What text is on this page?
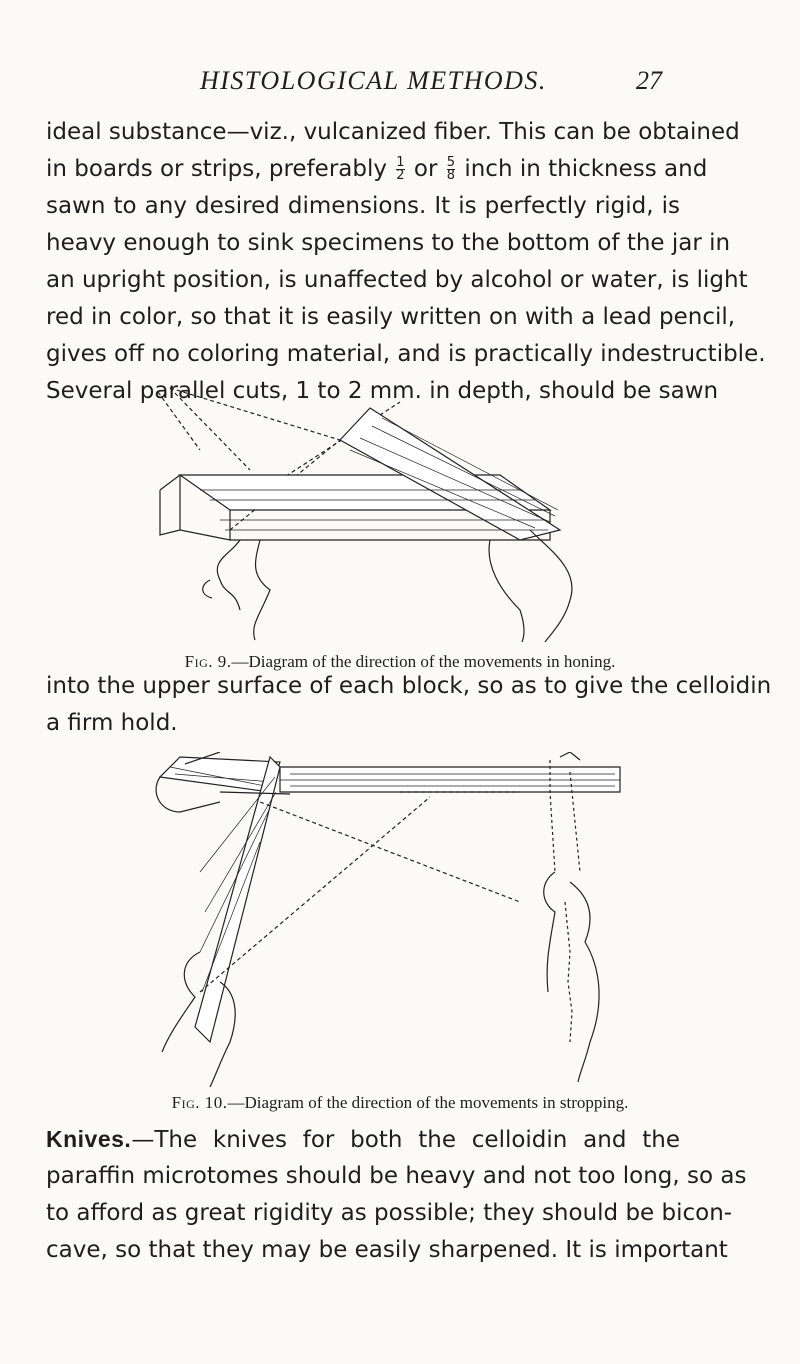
HISTOLOGICAL METHODS.	27
ideal substance—viz., vulcanized fiber. This can be obtained
in boards or strips, preferably $\frac{1}{2}$ or $\frac{5}{8}$ inch in thickness and
sawn to any desired dimensions. It is perfectly rigid, is
heavy enough to sink specimens to the bottom of the jar in
an upright position, is unaffected by alcohol or water, is light
red in color, so that it is easily written on with a lead pencil,
gives off no coloring material, and is practically indestructible.
Several parallel cuts, 1 to 2 mm. in depth, should be sawn
Fig. 9.—Diagram of the direction of the movements in honing.
into the upper surface of each block, so as to give the celloidin
a firm hold.
Fig. 10.—Diagram of the direction of the movements in stropping.
Knives.—The knives for both the celloidin and the
paraffin microtomes should be heavy and not too long, so as
to afford as great rigidity as possible; they should be bicon-
cave, so that they may be easily sharpened. It is important
